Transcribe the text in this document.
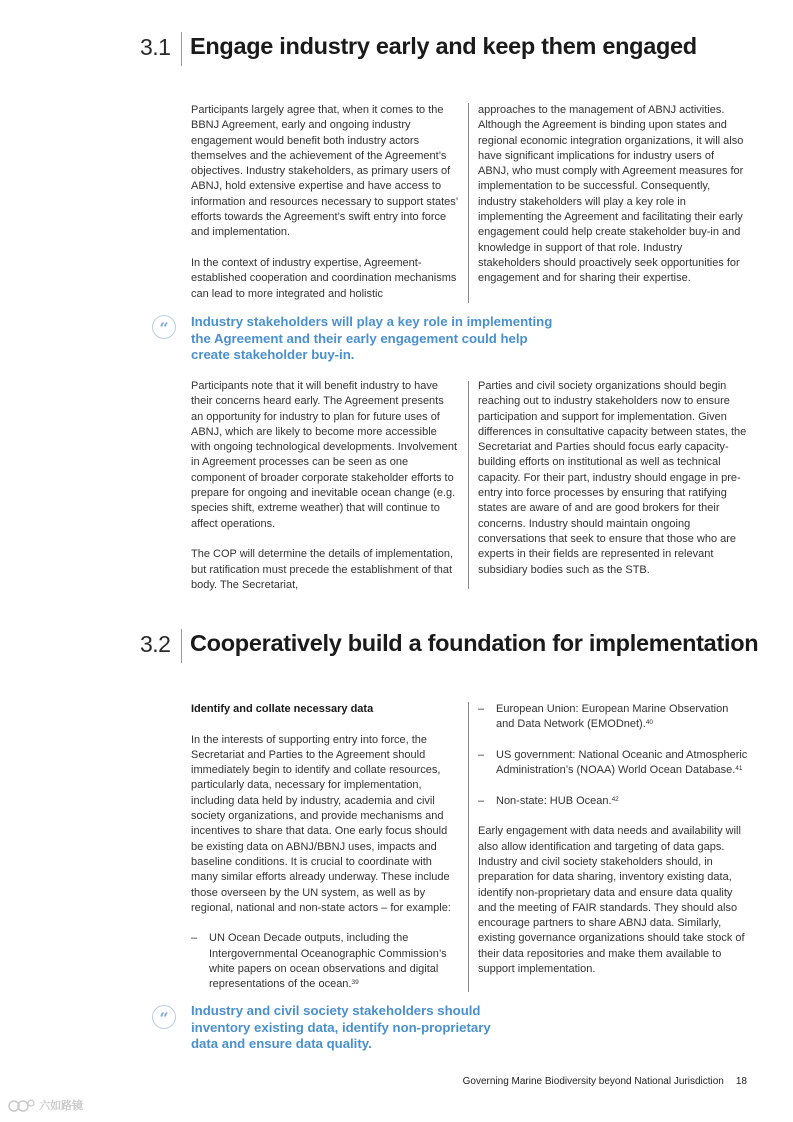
3.1 Engage industry early and keep them engaged

Participants largely agree that, when it comes to the BBNJ Agreement, early and ongoing industry engagement would benefit both industry actors themselves and the achievement of the Agreement’s objectives. Industry stakeholders, as primary users of ABNJ, hold extensive expertise and have access to information and resources necessary to support states’ efforts towards the Agreement’s swift entry into force and implementation.

In the context of industry expertise, Agreement-established cooperation and coordination mechanisms can lead to more integrated and holistic

approaches to the management of ABNJ activities. Although the Agreement is binding upon states and regional economic integration organizations, it will also have significant implications for industry users of ABNJ, who must comply with Agreement measures for implementation to be successful. Consequently, industry stakeholders will play a key role in implementing the Agreement and facilitating their early engagement could help create stakeholder buy-in and knowledge in support of that role. Industry stakeholders should proactively seek opportunities for engagement and for sharing their expertise.

“	Industry stakeholders will play a key role in implementing the Agreement and their early engagement could help create stakeholder buy-in.

Participants note that it will benefit industry to have their concerns heard early. The Agreement presents an opportunity for industry to plan for future uses of ABNJ, which are likely to become more accessible with ongoing technological developments. Involvement in Agreement processes can be seen as one component of broader corporate stakeholder efforts to prepare for ongoing and inevitable ocean change (e.g. species shift, extreme weather) that will continue to affect operations.

The COP will determine the details of implementation, but ratification must precede the establishment of that body. The Secretariat,

Parties and civil society organizations should begin reaching out to industry stakeholders now to ensure participation and support for implementation. Given differences in consultative capacity between states, the Secretariat and Parties should focus early capacity-building efforts on institutional as well as technical capacity. For their part, industry should engage in pre-entry into force processes by ensuring that ratifying states are aware of and are good brokers for their concerns. Industry should maintain ongoing conversations that seek to ensure that those who are experts in their fields are represented in relevant subsidiary bodies such as the STB.

3.2 Cooperatively build a foundation for implementation

Identify and collate necessary data

In the interests of supporting entry into force, the Secretariat and Parties to the Agreement should immediately begin to identify and collate resources, particularly data, necessary for implementation, including data held by industry, academia and civil society organizations, and provide mechanisms and incentives to share that data. One early focus should be existing data on ABNJ/BBNJ uses, impacts and baseline conditions. It is crucial to coordinate with many similar efforts already underway. These include those overseen by the UN system, as well as by regional, national and non-state actors – for example:

–	UN Ocean Decade outputs, including the Intergovernmental Oceanographic Commission’s white papers on ocean observations and digital representations of the ocean.$^{39}$
–	European Union: European Marine Observation and Data Network (EMODnet).$^{40}$
–	US government: National Oceanic and Atmospheric Administration’s (NOAA) World Ocean Database.$^{41}$
–	Non-state: HUB Ocean.$^{42}$

Early engagement with data needs and availability will also allow identification and targeting of data gaps. Industry and civil society stakeholders should, in preparation for data sharing, inventory existing data, identify non-proprietary data and ensure data quality and the meeting of FAIR standards. They should also encourage partners to share ABNJ data. Similarly, existing governance organizations should take stock of their data repositories and make them available to support implementation.

“	Industry and civil society stakeholders should inventory existing data, identify non-proprietary data and ensure data quality.
Governing Marine Biodiversity beyond National Jurisdiction 18
六如路镜
